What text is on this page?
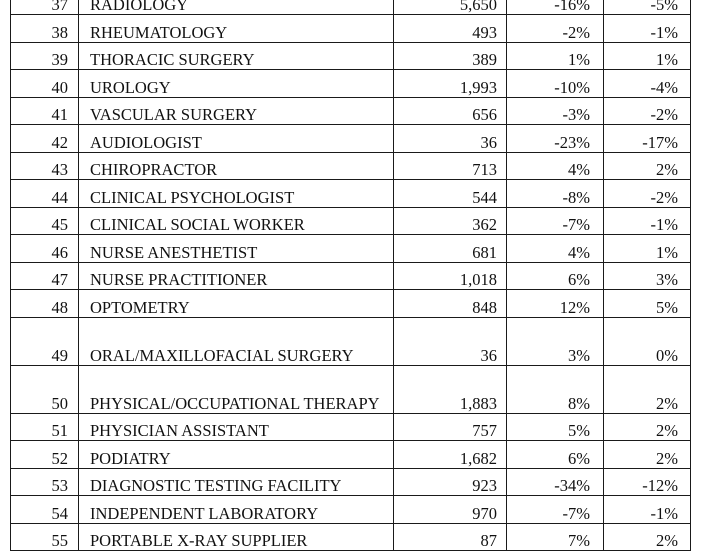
37	RADIOLOGY	5,650	-16%	-5%
38	RHEUMATOLOGY	493	-2%	-1%
39	THORACIC SURGERY	389	1%	1%
40	UROLOGY	1,993	-10%	-4%
41	VASCULAR SURGERY	656	-3%	-2%
42	AUDIOLOGIST	36	-23%	-17%
43	CHIROPRACTOR	713	4%	2%
44	CLINICAL PSYCHOLOGIST	544	-8%	-2%
45	CLINICAL SOCIAL WORKER	362	-7%	-1%
46	NURSE ANESTHETIST	681	4%	1%
47	NURSE PRACTITIONER	1,018	6%	3%
48	OPTOMETRY	848	12%	5%
49	ORAL/MAXILLOFACIAL SURGERY	36	3%	0%
50	PHYSICAL/OCCUPATIONAL THERAPY	1,883	8%	2%
51	PHYSICIAN ASSISTANT	757	5%	2%
52	PODIATRY	1,682	6%	2%
53	DIAGNOSTIC TESTING FACILITY	923	-34%	-12%
54	INDEPENDENT LABORATORY	970	-7%	-1%
55	PORTABLE X-RAY SUPPLIER	87	7%	2%
